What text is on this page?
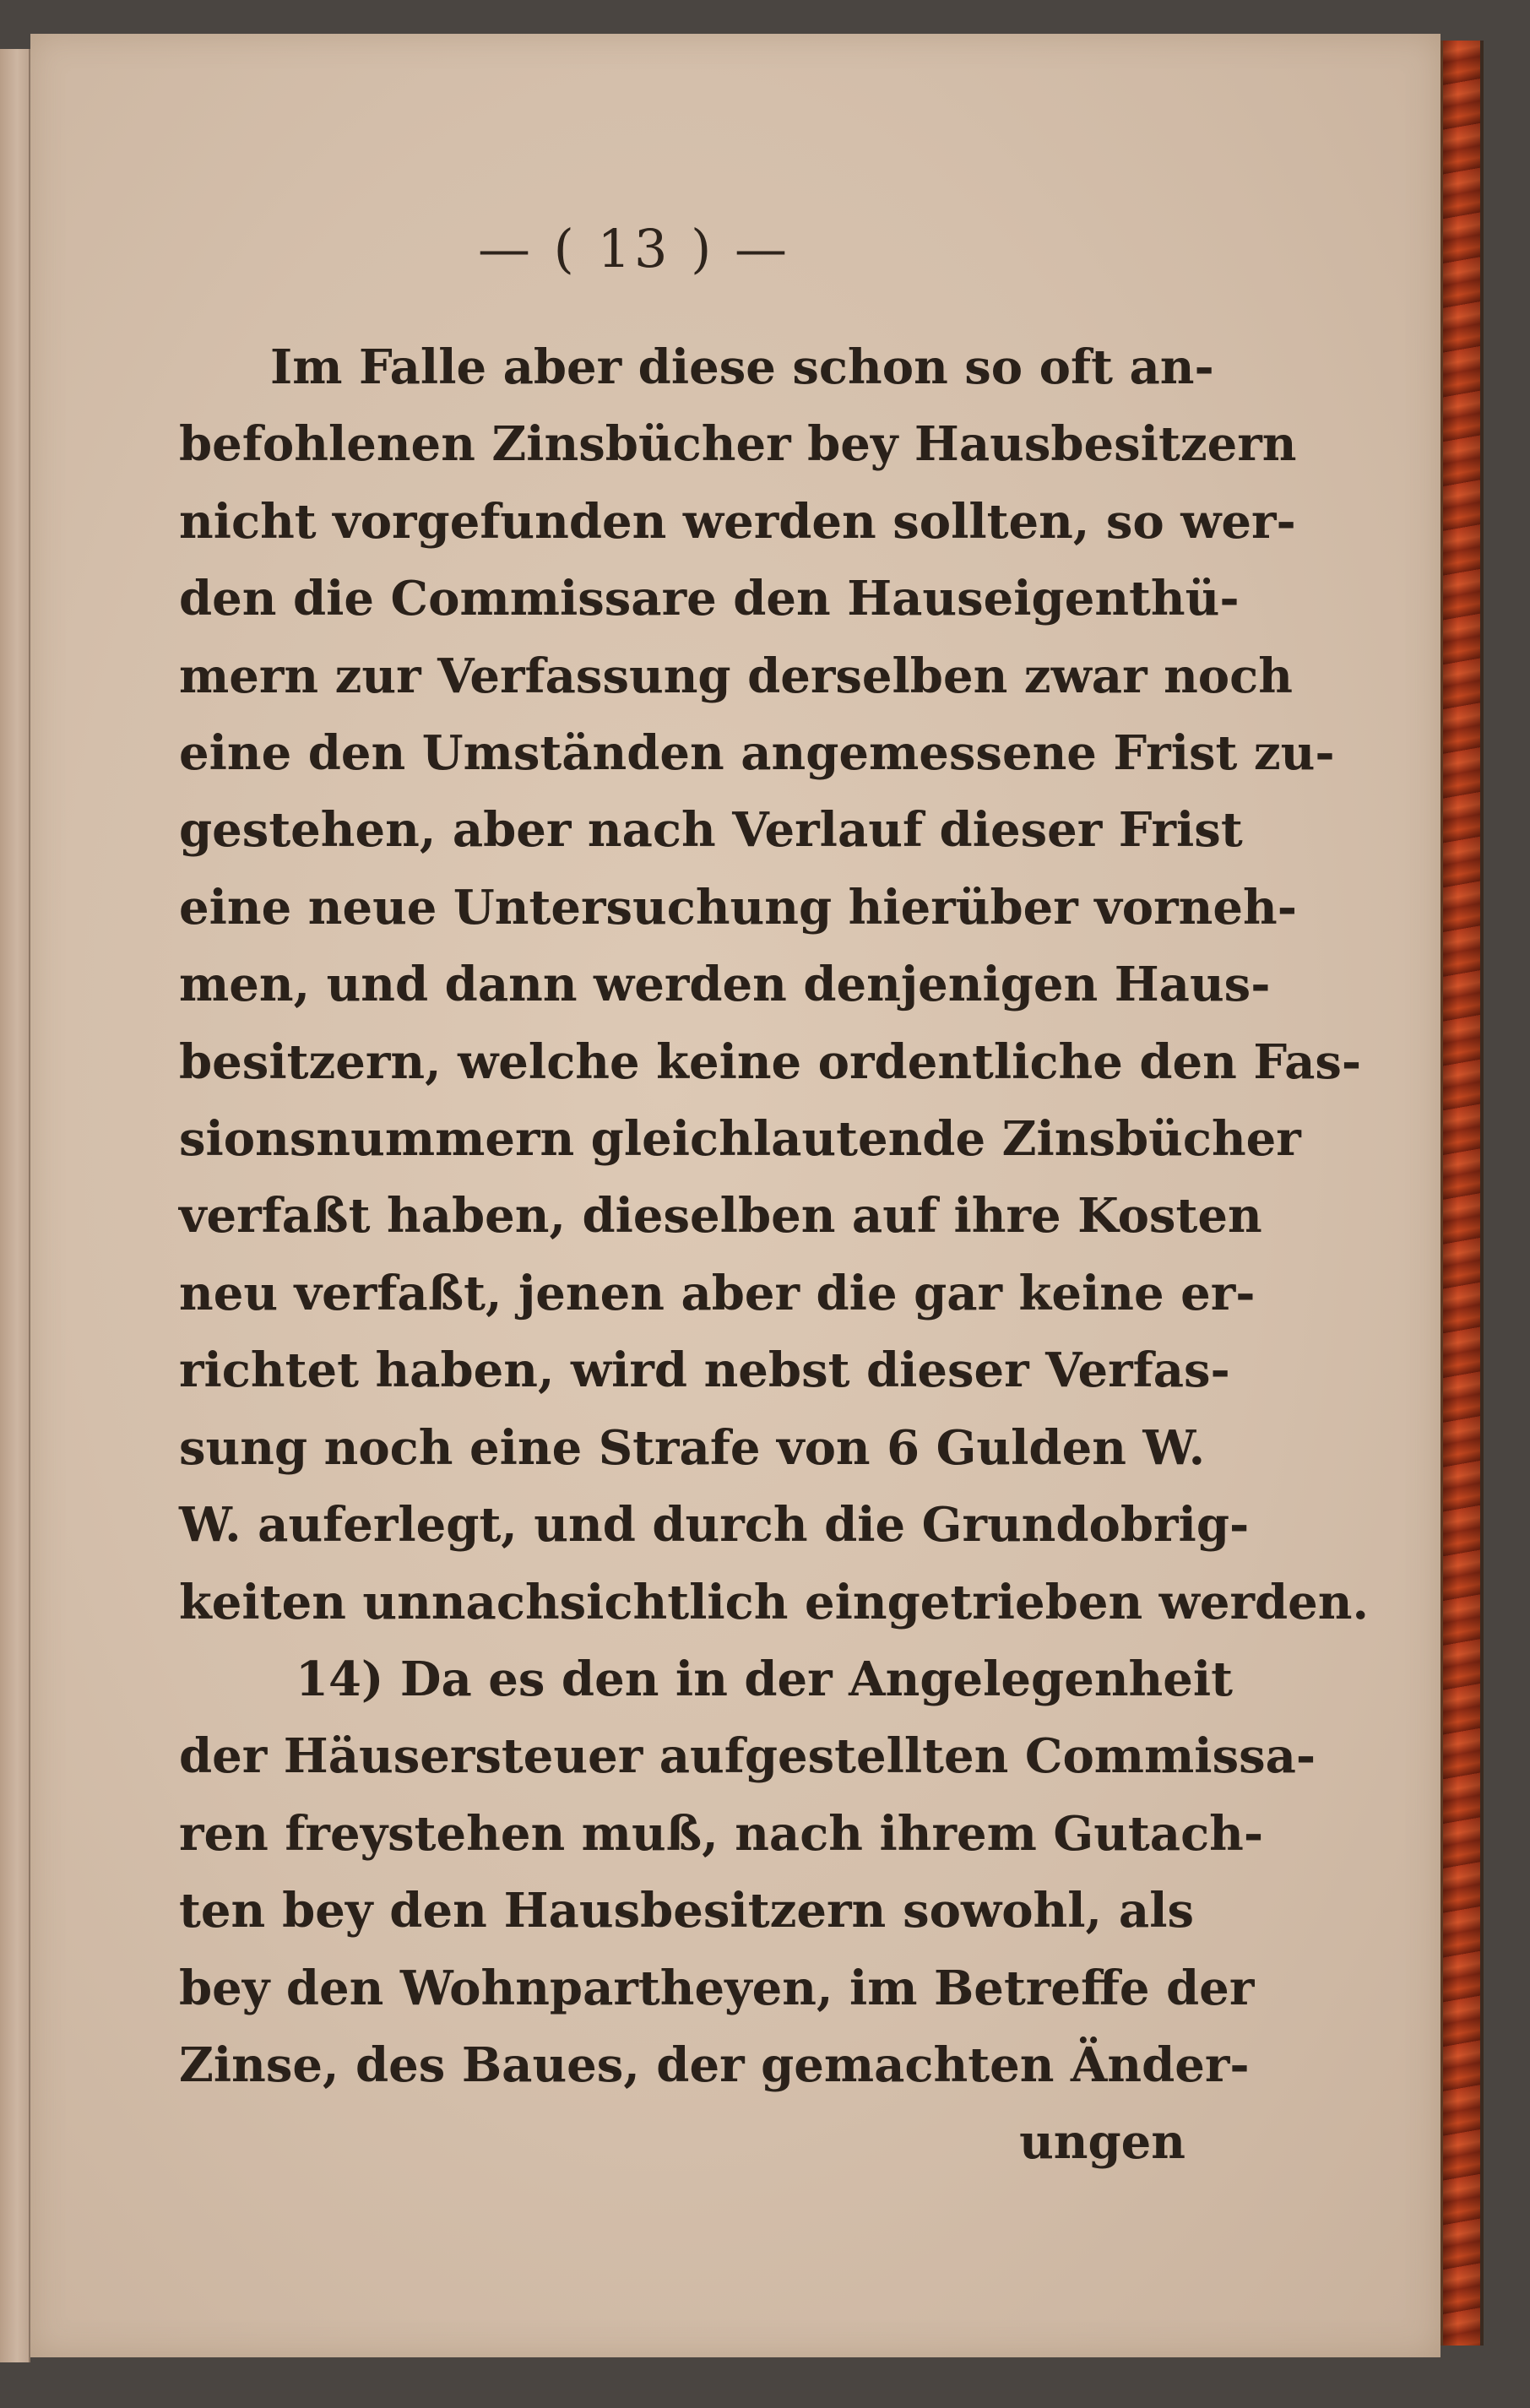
— ( 13 ) —
Im Falle aber diese schon so oft an-
befohlenen Zinsbücher bey Hausbesitzern
nicht vorgefunden werden sollten, so wer-
den die Commissare den Hauseigenthü-
mern zur Verfassung derselben zwar noch
eine den Umständen angemessene Frist zu-
gestehen, aber nach Verlauf dieser Frist
eine neue Untersuchung hierüber vorneh-
men, und dann werden denjenigen Haus-
besitzern, welche keine ordentliche den Fas-
sionsnummern gleichlautende Zinsbücher
verfaßt haben, dieselben auf ihre Kosten
neu verfaßt, jenen aber die gar keine er-
richtet haben, wird nebst dieser Verfas-
sung noch eine Strafe von 6 Gulden W.
W. auferlegt, und durch die Grundobrig-
keiten unnachsichtlich eingetrieben werden.
14) Da es den in der Angelegenheit
der Häusersteuer aufgestellten Commissa-
ren freystehen muß, nach ihrem Gutach-
ten bey den Hausbesitzern sowohl, als
bey den Wohnpartheyen, im Betreffe der
Zinse, des Baues, der gemachten Änder-
ungen
